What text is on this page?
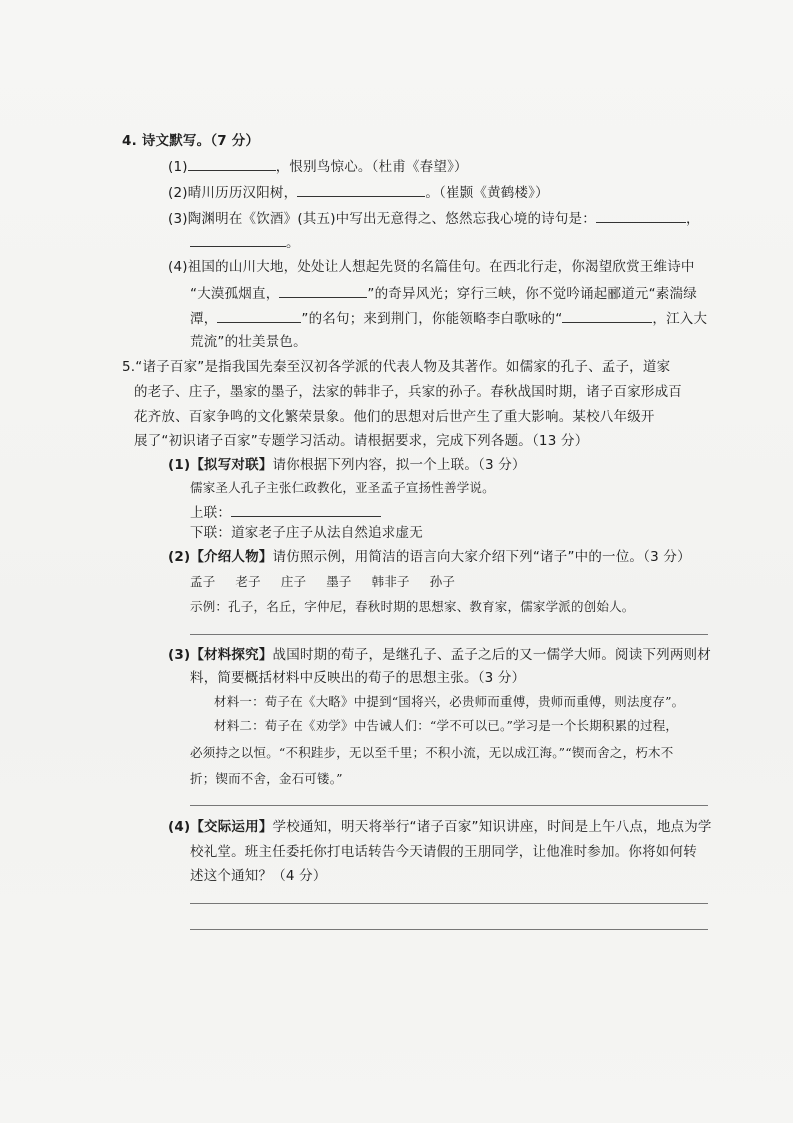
4. 诗文默写。（7 分）
(1)	，恨别鸟惊心。（杜甫《春望》）
(2)晴川历历汉阳树，	。（崔颢《黄鹤楼》）
(3)陶渊明在《饮酒》(其五)中写出无意得之、悠然忘我心境的诗句是：	，
。
(4)祖国的山川大地，处处让人想起先贤的名篇佳句。在西北行走，你渴望欣赏王维诗中
“大漠孤烟直，	”的奇异风光；穿行三峡，你不觉吟诵起郦道元“素湍绿
潭，	”的名句；来到荆门，你能领略李白歌咏的“	，江入大
荒流”的壮美景色。
5.“诸子百家”是指我国先秦至汉初各学派的代表人物及其著作。如儒家的孔子、孟子，道家
的老子、庄子，墨家的墨子，法家的韩非子，兵家的孙子。春秋战国时期，诸子百家形成百
花齐放、百家争鸣的文化繁荣景象。他们的思想对后世产生了重大影响。某校八年级开
展了“初识诸子百家”专题学习活动。请根据要求，完成下列各题。（13 分）
(1)【拟写对联】请你根据下列内容，拟一个上联。（3 分）
儒家圣人孔子主张仁政教化，亚圣孟子宣扬性善学说。
上联：
下联：道家老子庄子从法自然追求虚无
(2)【介绍人物】请仿照示例，用简洁的语言向大家介绍下列“诸子”中的一位。（3 分）
孟子 老子 庄子 墨子 韩非子 孙子
示例：孔子，名丘，字仲尼，春秋时期的思想家、教育家，儒家学派的创始人。
(3)【材料探究】战国时期的荀子，是继孔子、孟子之后的又一儒学大师。阅读下列两则材
料，简要概括材料中反映出的荀子的思想主张。（3 分）
材料一：荀子在《大略》中提到“国将兴，必贵师而重傅，贵师而重傅，则法度存”。
材料二：荀子在《劝学》中告诫人们：“学不可以已。”学习是一个长期积累的过程，
必须持之以恒。“不积跬步，无以至千里；不积小流，无以成江海。”“锲而舍之，朽木不
折；锲而不舍，金石可镂。”
(4)【交际运用】学校通知，明天将举行“诸子百家”知识讲座，时间是上午八点，地点为学
校礼堂。班主任委托你打电话转告今天请假的王朋同学，让他准时参加。你将如何转
述这个通知？（4 分）
